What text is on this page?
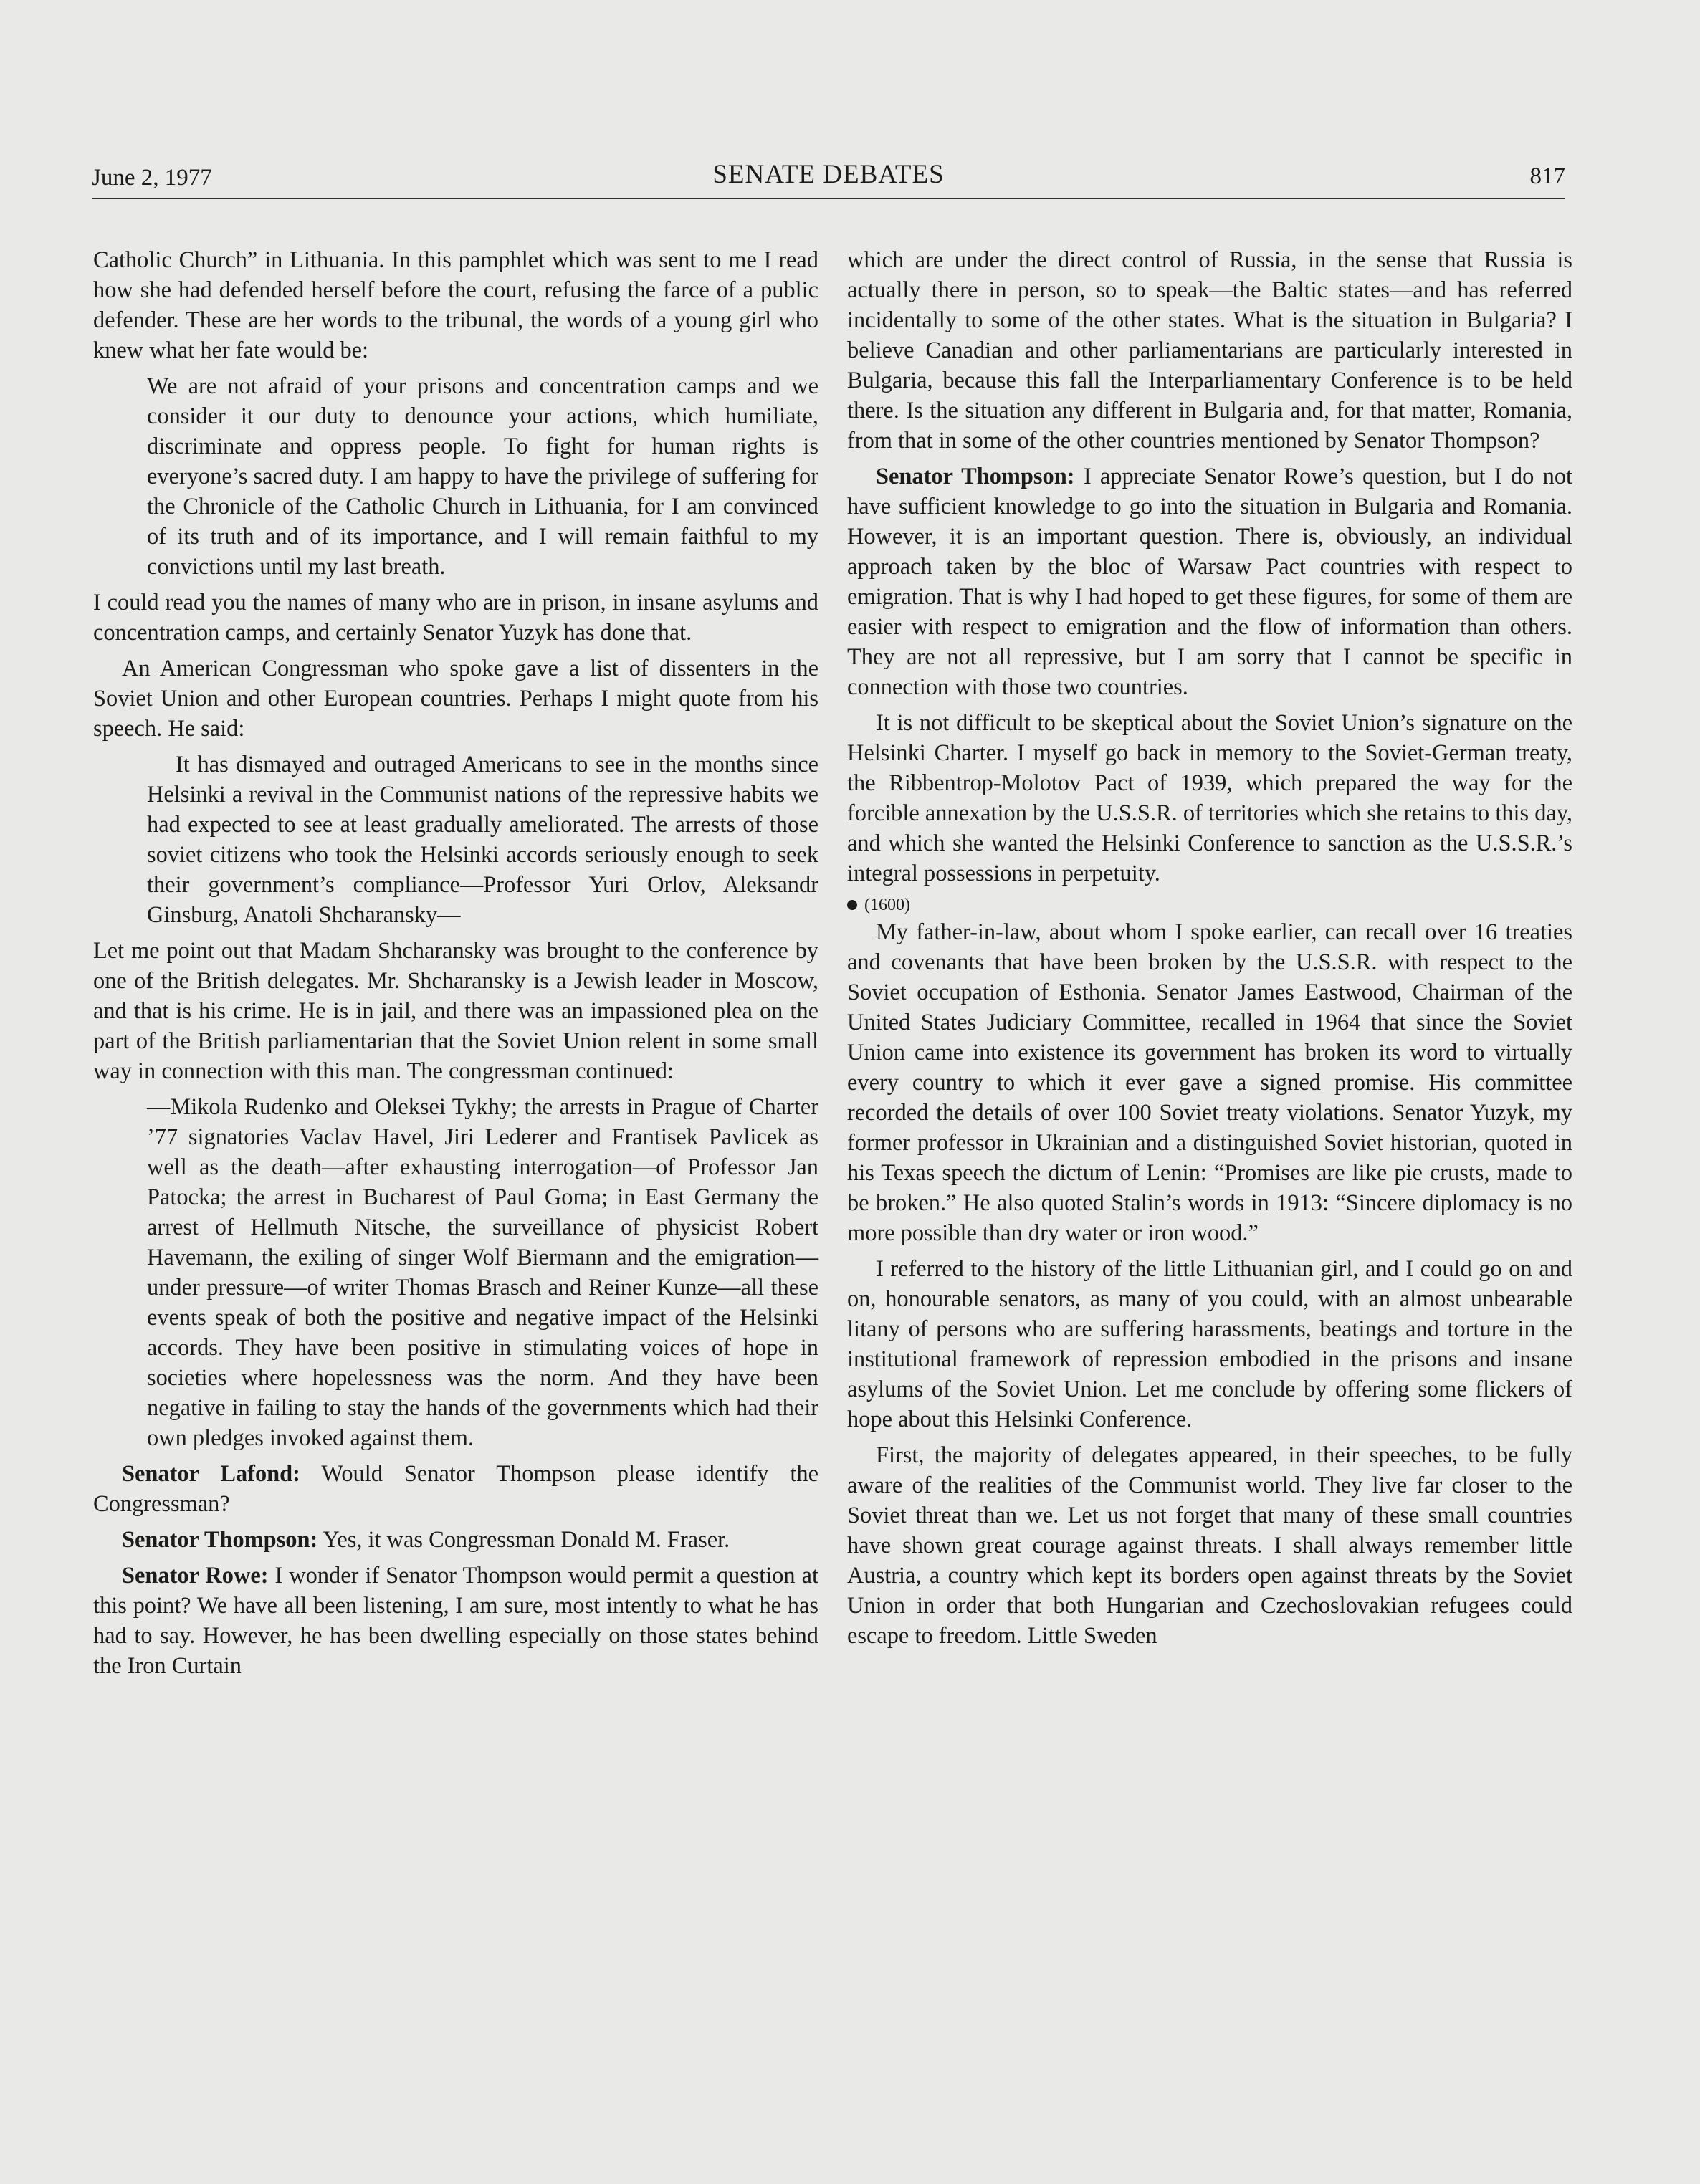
June 2, 1977	SENATE DEBATES	817

Catholic Church” in Lithuania. In this pamphlet which was sent to me I read how she had defended herself before the court, refusing the farce of a public defender. These are her words to the tribunal, the words of a young girl who knew what her fate would be:

We are not afraid of your prisons and concentration camps and we consider it our duty to denounce your actions, which humiliate, discriminate and oppress people. To fight for human rights is everyone’s sacred duty. I am happy to have the privilege of suffering for the Chronicle of the Catholic Church in Lithuania, for I am convinced of its truth and of its importance, and I will remain faithful to my convictions until my last breath.

I could read you the names of many who are in prison, in insane asylums and concentration camps, and certainly Senator Yuzyk has done that.

An American Congressman who spoke gave a list of dissenters in the Soviet Union and other European countries. Perhaps I might quote from his speech. He said:

It has dismayed and outraged Americans to see in the months since Helsinki a revival in the Communist nations of the repressive habits we had expected to see at least gradually ameliorated. The arrests of those soviet citizens who took the Helsinki accords seriously enough to seek their government’s compliance—Professor Yuri Orlov, Aleksandr Ginsburg, Anatoli Shcharansky—

Let me point out that Madam Shcharansky was brought to the conference by one of the British delegates. Mr. Shcharansky is a Jewish leader in Moscow, and that is his crime. He is in jail, and there was an impassioned plea on the part of the British parliamentarian that the Soviet Union relent in some small way in connection with this man. The congressman continued:

—Mikola Rudenko and Oleksei Tykhy; the arrests in Prague of Charter ’77 signatories Vaclav Havel, Jiri Lederer and Frantisek Pavlicek as well as the death—after exhausting interrogation—of Professor Jan Patocka; the arrest in Bucharest of Paul Goma; in East Germany the arrest of Hellmuth Nitsche, the surveillance of physicist Robert Havemann, the exiling of singer Wolf Biermann and the emigration—under pressure—of writer Thomas Brasch and Reiner Kunze—all these events speak of both the positive and negative impact of the Helsinki accords. They have been positive in stimulating voices of hope in societies where hopelessness was the norm. And they have been negative in failing to stay the hands of the governments which had their own pledges invoked against them.

Senator Lafond: Would Senator Thompson please identify the Congressman?

Senator Thompson: Yes, it was Congressman Donald M. Fraser.

Senator Rowe: I wonder if Senator Thompson would permit a question at this point? We have all been listening, I am sure, most intently to what he has had to say. However, he has been dwelling especially on those states behind the Iron Curtain

which are under the direct control of Russia, in the sense that Russia is actually there in person, so to speak—the Baltic states—and has referred incidentally to some of the other states. What is the situation in Bulgaria? I believe Canadian and other parliamentarians are particularly interested in Bulgaria, because this fall the Interparliamentary Conference is to be held there. Is the situation any different in Bulgaria and, for that matter, Romania, from that in some of the other countries mentioned by Senator Thompson?

Senator Thompson: I appreciate Senator Rowe’s question, but I do not have sufficient knowledge to go into the situation in Bulgaria and Romania. However, it is an important question. There is, obviously, an individual approach taken by the bloc of Warsaw Pact countries with respect to emigration. That is why I had hoped to get these figures, for some of them are easier with respect to emigration and the flow of information than others. They are not all repressive, but I am sorry that I cannot be specific in connection with those two countries.

It is not difficult to be skeptical about the Soviet Union’s signature on the Helsinki Charter. I myself go back in memory to the Soviet-German treaty, the Ribbentrop-Molotov Pact of 1939, which prepared the way for the forcible annexation by the U.S.S.R. of territories which she retains to this day, and which she wanted the Helsinki Conference to sanction as the U.S.S.R.’s integral possessions in perpetuity.

(1600)

My father-in-law, about whom I spoke earlier, can recall over 16 treaties and covenants that have been broken by the U.S.S.R. with respect to the Soviet occupation of Esthonia. Senator James Eastwood, Chairman of the United States Judiciary Committee, recalled in 1964 that since the Soviet Union came into existence its government has broken its word to virtually every country to which it ever gave a signed promise. His committee recorded the details of over 100 Soviet treaty violations. Senator Yuzyk, my former professor in Ukrainian and a distinguished Soviet historian, quoted in his Texas speech the dictum of Lenin: “Promises are like pie crusts, made to be broken.” He also quoted Stalin’s words in 1913: “Sincere diplomacy is no more possible than dry water or iron wood.”

I referred to the history of the little Lithuanian girl, and I could go on and on, honourable senators, as many of you could, with an almost unbearable litany of persons who are suffering harassments, beatings and torture in the institutional framework of repression embodied in the prisons and insane asylums of the Soviet Union. Let me conclude by offering some flickers of hope about this Helsinki Conference.

First, the majority of delegates appeared, in their speeches, to be fully aware of the realities of the Communist world. They live far closer to the Soviet threat than we. Let us not forget that many of these small countries have shown great courage against threats. I shall always remember little Austria, a country which kept its borders open against threats by the Soviet Union in order that both Hungarian and Czechoslovakian refugees could escape to freedom. Little Sweden
